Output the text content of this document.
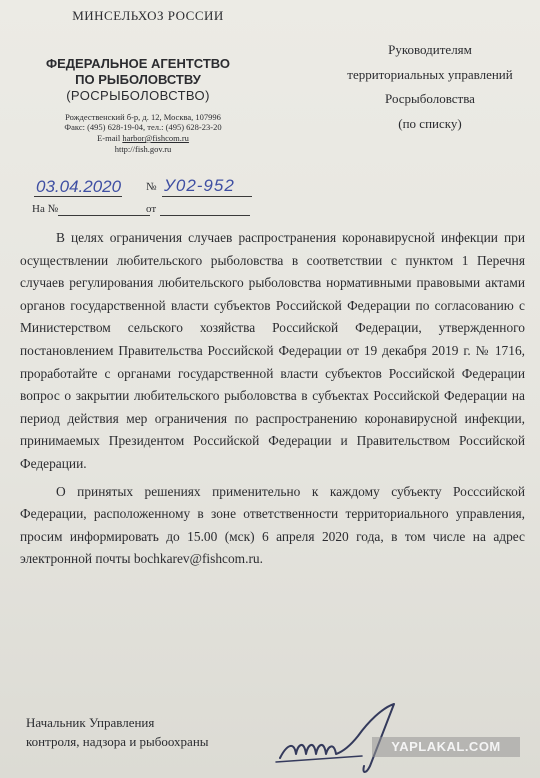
МИНСЕЛЬХОЗ РОССИИ
ФЕДЕРАЛЬНОЕ АГЕНТСТВО
ПО РЫБОЛОВСТВУ
(РОСРЫБОЛОВСТВО)
Рождественский б-р, д. 12, Москва, 107996
Факс: (495) 628-19-04, тел.: (495) 628-23-20
E-mail harbor@fishcom.ru
http://fish.gov.ru
Руководителям
территориальных управлений
Росрыболовства
(по списку)
03.04.2020 № У02-952
На №	от

В целях ограничения случаев распространения коронавирусной инфекции при осуществлении любительского рыболовства в соответствии с пунктом 1 Перечня случаев регулирования любительского рыболовства нормативными правовыми актами органов государственной власти субъектов Российской Федерации по согласованию с Министерством сельского хозяйства Российской Федерации, утвержденного постановлением Правительства Российской Федерации от 19 декабря 2019 г. № 1716, проработайте с органами государственной власти субъектов Российской Федерации вопрос о закрытии любительского рыболовства в субъектах Российской Федерации на период действия мер ограничения по распространению коронавирусной инфекции, принимаемых Президентом Российской Федерации и Правительством Российской Федерации.

О принятых решениях применительно к каждому субъекту Росссийской Федерации, расположенному в зоне ответственности территориального управления, просим информировать до 15.00 (мск) 6 апреля 2020 года, в том числе на адрес электронной почты bochkarev@fishcom.ru.

Начальник Управления
контроля, надзора и рыбоохраны	YAPLAKAL.COM
